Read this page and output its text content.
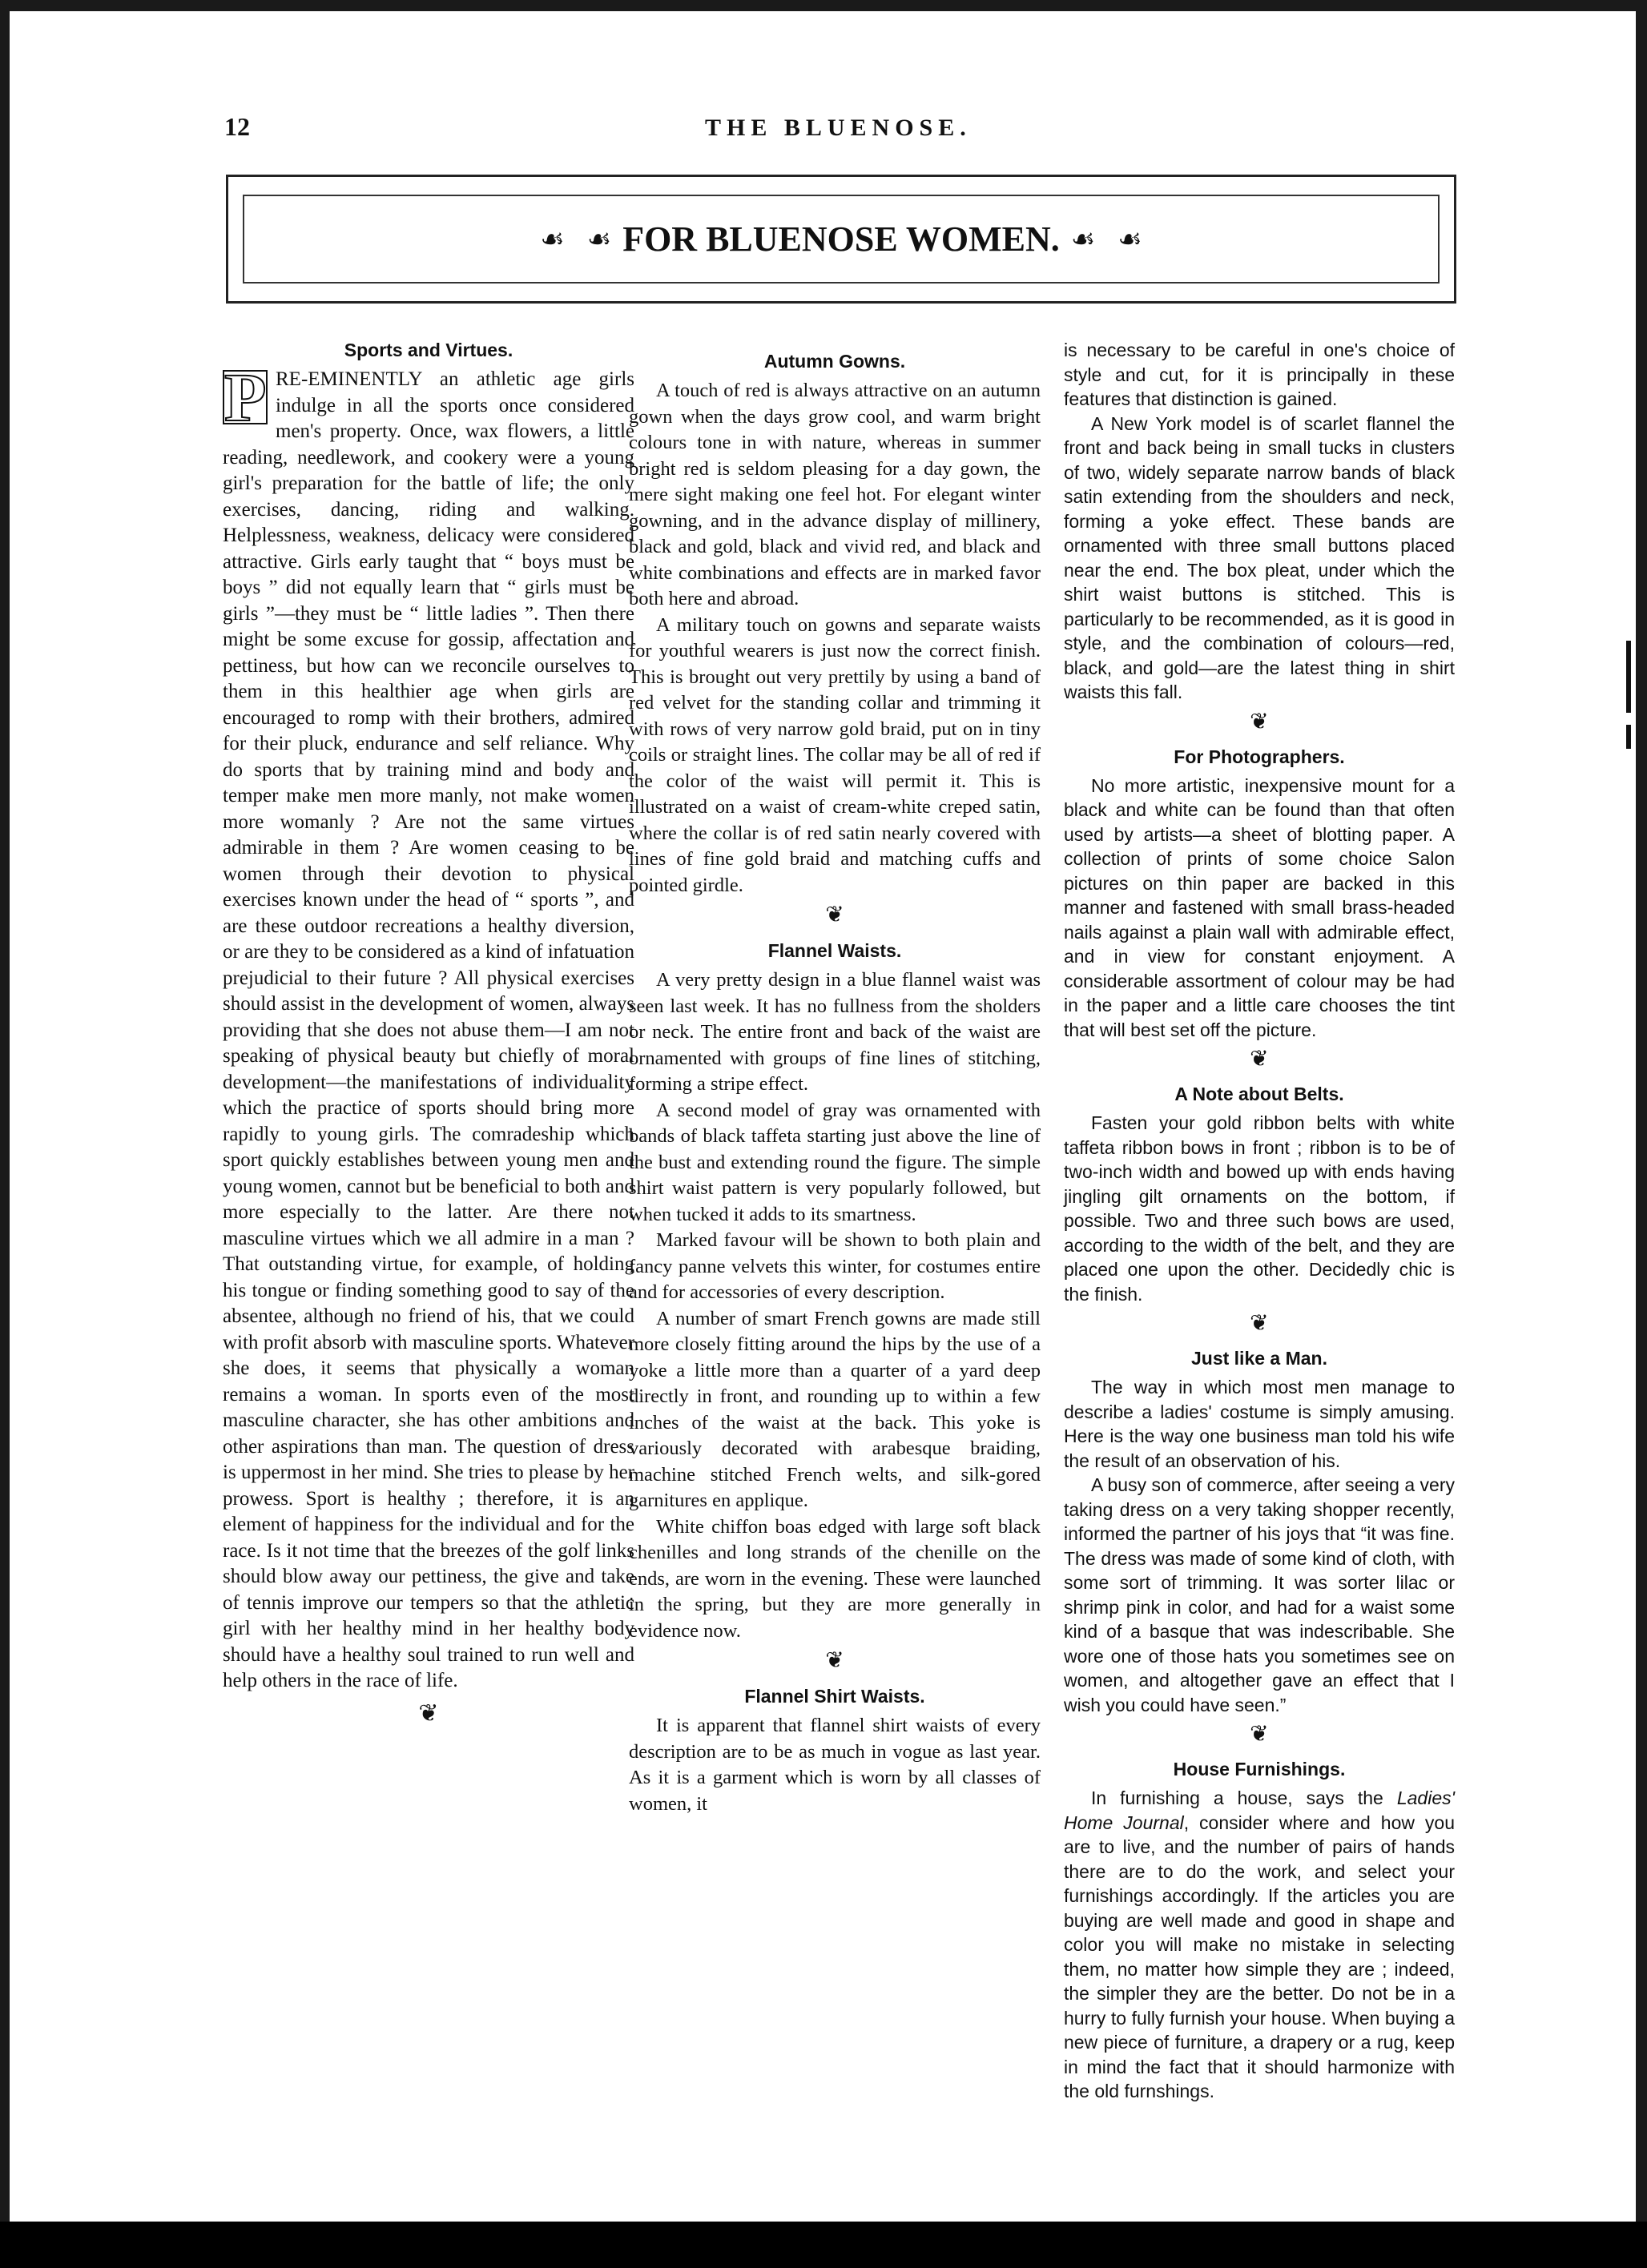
12	THE BLUENOSE.
☙ ☙ FOR BLUENOSE WOMEN. ☙ ☙
Sports and Virtues.

P RE-EMINENTLY an athletic age girls indulge in all the sports once considered men's property. Once, wax flowers, a little reading, needlework, and cookery were a young girl's preparation for the battle of life; the only exercises, dancing, riding and walking. Helplessness, weakness, delicacy were considered attractive. Girls early taught that “ boys must be boys ” did not equally learn that “ girls must be girls ”—they must be “ little ladies ”. Then there might be some excuse for gossip, affectation and pettiness, but how can we reconcile ourselves to them in this healthier age when girls are encouraged to romp with their brothers, admired for their pluck, endurance and self reliance. Why do sports that by training mind and body and temper make men more manly, not make women more womanly ? Are not the same virtues admirable in them ? Are women ceasing to be women through their devotion to physical exercises known under the head of “ sports ”, and are these outdoor recreations a healthy diversion, or are they to be considered as a kind of infatuation prejudicial to their future ? All physical exercises should assist in the development of women, always providing that she does not abuse them—I am not speaking of physical beauty but chiefly of moral development—the manifestations of individuality which the practice of sports should bring more rapidly to young girls. The comradeship which sport quickly establishes between young men and young women, cannot but be beneficial to both and more especially to the latter. Are there not masculine virtues which we all admire in a man ? That outstanding virtue, for example, of holding his tongue or finding something good to say of the absentee, although no friend of his, that we could with profit absorb with masculine sports. Whatever she does, it seems that physically a woman remains a woman. In sports even of the most masculine character, she has other ambitions and other aspirations than man. The question of dress is uppermost in her mind. She tries to please by her prowess. Sport is healthy ; therefore, it is an element of happiness for the individual and for the race. Is it not time that the breezes of the golf links should blow away our pettiness, the give and take of tennis improve our tempers so that the athletic girl with her healthy mind in her healthy body should have a healthy soul trained to run well and help others in the race of life.

❦
Autumn Gowns.

A touch of red is always attractive on an autumn gown when the days grow cool, and warm bright colours tone in with nature, whereas in summer bright red is seldom pleasing for a day gown, the mere sight making one feel hot. For elegant winter gowning, and in the advance display of millinery, black and gold, black and vivid red, and black and white combinations and effects are in marked favor both here and abroad.

A military touch on gowns and separate waists for youthful wearers is just now the correct finish. This is brought out very prettily by using a band of red velvet for the standing collar and trimming it with rows of very narrow gold braid, put on in tiny coils or straight lines. The collar may be all of red if the color of the waist will permit it. This is illustrated on a waist of cream-white creped satin, where the collar is of red satin nearly covered with lines of fine gold braid and matching cuffs and pointed girdle.

❦
Flannel Waists.

A very pretty design in a blue flannel waist was seen last week. It has no fullness from the sholders or neck. The entire front and back of the waist are ornamented with groups of fine lines of stitching, forming a stripe effect.

A second model of gray was ornamented with bands of black taffeta starting just above the line of the bust and extending round the figure. The simple shirt waist pattern is very popularly followed, but when tucked it adds to its smartness.

Marked favour will be shown to both plain and fancy panne velvets this winter, for costumes entire and for accessories of every description.

A number of smart French gowns are made still more closely fitting around the hips by the use of a yoke a little more than a quarter of a yard deep directly in front, and rounding up to within a few inches of the waist at the back. This yoke is variously decorated with arabesque braiding, machine stitched French welts, and silk-gored garnitures en applique.

White chiffon boas edged with large soft black chenilles and long strands of the chenille on the ends, are worn in the evening. These were launched in the spring, but they are more generally in evidence now.

❦
Flannel Shirt Waists.

It is apparent that flannel shirt waists of every description are to be as much in vogue as last year. As it is a garment which is worn by all classes of women, it

is necessary to be careful in one's choice of style and cut, for it is principally in these features that distinction is gained.

A New York model is of scarlet flannel the front and back being in small tucks in clusters of two, widely separate narrow bands of black satin extending from the shoulders and neck, forming a yoke effect. These bands are ornamented with three small buttons placed near the end. The box pleat, under which the shirt waist buttons is stitched. This is particularly to be recommended, as it is good in style, and the combination of colours—red, black, and gold—are the latest thing in shirt waists this fall.

❦
For Photographers.

No more artistic, inexpensive mount for a black and white can be found than that often used by artists—a sheet of blotting paper. A collection of prints of some choice Salon pictures on thin paper are backed in this manner and fastened with small brass-headed nails against a plain wall with admirable effect, and in view for constant enjoyment. A considerable assortment of colour may be had in the paper and a little care chooses the tint that will best set off the picture.

❦
A Note about Belts.

Fasten your gold ribbon belts with white taffeta ribbon bows in front ; ribbon is to be of two-inch width and bowed up with ends having jingling gilt ornaments on the bottom, if possible. Two and three such bows are used, according to the width of the belt, and they are placed one upon the other. Decidedly chic is the finish.

❦
Just like a Man.

The way in which most men manage to describe a ladies' costume is simply amusing. Here is the way one business man told his wife the result of an observation of his.

A busy son of commerce, after seeing a very taking dress on a very taking shopper recently, informed the partner of his joys that “it was fine. The dress was made of some kind of cloth, with some sort of trimming. It was sorter lilac or shrimp pink in color, and had for a waist some kind of a basque that was indescribable. She wore one of those hats you sometimes see on women, and altogether gave an effect that I wish you could have seen.”

❦
House Furnishings.

In furnishing a house, says the Ladies' Home Journal, consider where and how you are to live, and the number of pairs of hands there are to do the work, and select your furnishings accordingly. If the articles you are buying are well made and good in shape and color you will make no mistake in selecting them, no matter how simple they are ; indeed, the simpler they are the better. Do not be in a hurry to fully furnish your house. When buying a new piece of furniture, a drapery or a rug, keep in mind the fact that it should harmonize with the old furnshings.
